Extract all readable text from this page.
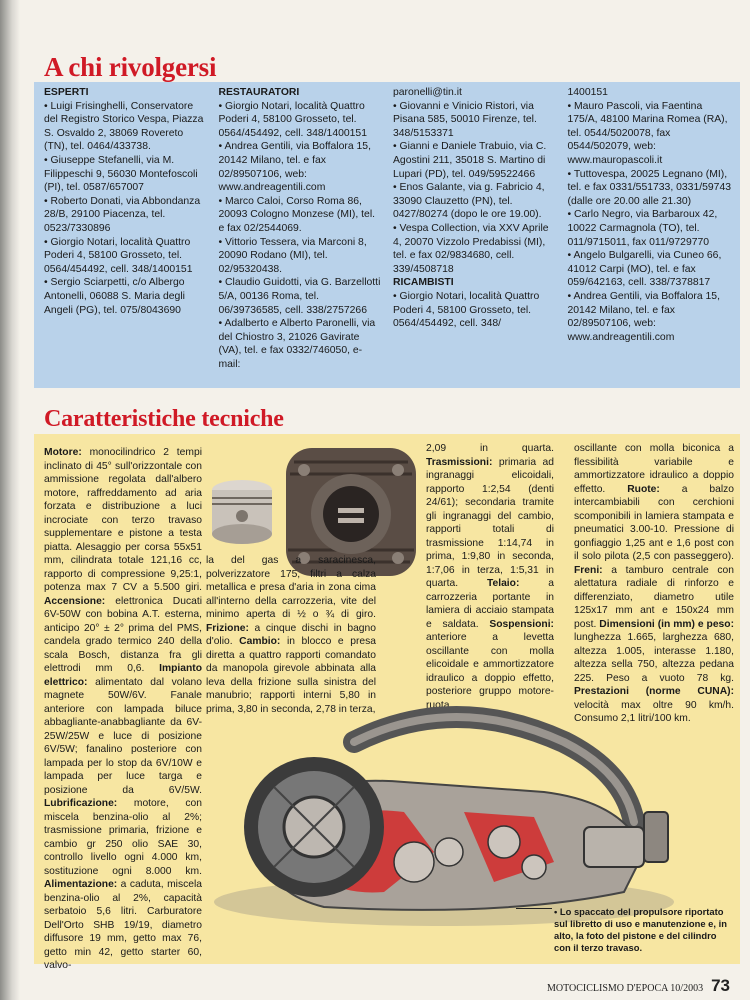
A chi rivolgersi
ESPERTI
• Luigi Frisinghelli, Conservatore del Registro Storico Vespa, Piazza S. Osvaldo 2, 38069 Rovereto (TN), tel. 0464/433738.
• Giuseppe Stefanelli, via M. Filippeschi 9, 56030 Montefoscoli (PI), tel. 0587/657007
• Roberto Donati, via Abbondanza 28/B, 29100 Piacenza, tel. 0523/7330896
• Giorgio Notari, località Quattro Poderi 4, 58100 Grosseto, tel. 0564/454492, cell. 348/1400151
• Sergio Sciarpetti, c/o Albergo Antonelli, 06088 S. Maria degli Angeli (PG), tel. 075/8043690
RESTAURATORI
• Giorgio Notari, località Quattro Poderi 4, 58100 Grosseto, tel. 0564/454492, cell. 348/1400151
• Andrea Gentili, via Boffalora 15, 20142 Milano, tel. e fax 02/89507106, web: www.andreagentili.com
• Marco Caloi, Corso Roma 86, 20093 Cologno Monzese (MI), tel. e fax 02/2544069.
• Vittorio Tessera, via Marconi 8, 20090 Rodano (MI), tel. 02/95320438.
• Claudio Guidotti, via G. Barzellotti 5/A, 00136 Roma, tel. 06/39736585, cell. 338/2757266
• Adalberto e Alberto Paronelli, via del Chiostro 3, 21026 Gavirate (VA), tel. e fax 0332/746050, e-mail:
paronelli@tin.it
• Giovanni e Vinicio Ristori, via Pisana 585, 50010 Firenze, tel. 348/5153371
• Gianni e Daniele Trabuio, via C. Agostini 211, 35018 S. Martino di Lupari (PD), tel. 049/59522466
• Enos Galante, via g. Fabricio 4, 33090 Clauzetto (PN), tel. 0427/80274 (dopo le ore 19.00).
• Vespa Collection, via XXV Aprile 4, 20070 Vizzolo Predabissi (MI), tel. e fax 02/9834680, cell. 339/4508718
RICAMBISTI
• Giorgio Notari, località Quattro Poderi 4, 58100 Grosseto, tel. 0564/454492, cell. 348/
1400151
• Mauro Pascoli, via Faentina 175/A, 48100 Marina Romea (RA), tel. 0544/5020078, fax 0544/502079, web: www.mauropascoli.it
• Tuttovespa, 20025 Legnano (MI), tel. e fax 0331/551733, 0331/59743 (dalle ore 20.00 alle 21.30)
• Carlo Negro, via Barbaroux 42, 10022 Carmagnola (TO), tel. 011/9715011, fax 011/9729770
• Angelo Bulgarelli, via Cuneo 66, 41012 Carpi (MO), tel. e fax 059/642163, cell. 338/7378817
• Andrea Gentili, via Boffalora 15, 20142 Milano, tel. e fax 02/89507106, web: www.andreagentili.com
Caratteristiche tecniche

Motore: monocilindrico 2 tempi inclinato di 45° sull'orizzontale con ammissione regolata dall'albero motore, raffreddamento ad aria forzata e distribuzione a luci incrociate con terzo travaso supplementare e pistone a testa piatta. Alesaggio per corsa 55x51 mm, cilindrata totale 121,16 cc, rapporto di compressione 9,25:1, potenza max 7 CV a 5.500 giri. Accensione: elettronica Ducati 6V-50W con bobina A.T. esterna, anticipo 20° ± 2° prima del PMS, candela grado termico 240 della scala Bosch, distanza fra gli elettrodi mm 0,6. Impianto elettrico: alimentato dal volano magnete 50W/6V. Fanale anteriore con lampada biluce abbagliante-anabbagliante da 6V-25W/25W e luce di posizione 6V/5W; fanalino posteriore con lampada per lo stop da 6V/10W e lampada per luce targa e posizione da 6V/5W. Lubrificazione: motore, con miscela benzina-olio al 2%; trasmissione primaria, frizione e cambio gr 250 olio SAE 30, controllo livello ogni 4.000 km, sostituzione ogni 8.000 km. Alimentazione: a caduta, miscela benzina-olio al 2%, capacità serbatoio 5,6 litri. Carburatore Dell'Orto SHB 19/19, diametro diffusore 19 mm, getto max 76, getto min 42, getto starter 60, valvo-

la del gas a saracinesca, polverizzatore 175, filtri a calza metallica e presa d'aria in zona cima all'interno della carrozzeria, vite del minimo aperta di ½ o ¾ di giro. Frizione: a cinque dischi in bagno d'olio. Cambio: in blocco e presa diretta a quattro rapporti comandato da manopola girevole abbinata alla leva della frizione sulla sinistra del manubrio; rapporti interni 5,80 in prima, 3,80 in seconda, 2,78 in terza,

2,09 in quarta. Trasmissioni: primaria ad ingranaggi elicoidali, rapporto 1:2,54 (denti 24/61); secondaria tramite gli ingranaggi del cambio, rapporti totali di trasmissione 1:14,74 in prima, 1:9,80 in seconda, 1:7,06 in terza, 1:5,31 in quarta. Telaio: a carrozzeria portante in lamiera di acciaio stampata e saldata. Sospensioni: anteriore a levetta oscillante con molla elicoidale e ammortizzatore idraulico a doppio effetto, posteriore gruppo motore-ruota

oscillante con molla biconica a flessibilità variabile e ammortizzatore idraulico a doppio effetto. Ruote: a balzo intercambiabili con cerchioni scomponibili in lamiera stampata e pneumatici 3.00-10. Pressione di gonfiaggio 1,25 ant e 1,6 post con il solo pilota (2,5 con passeggero). Freni: a tamburo centrale con alettatura radiale di rinforzo e differenziato, diametro utile 125x17 mm ant e 150x24 mm post. Dimensioni (in mm) e peso: lunghezza 1.665, larghezza 680, altezza 1.005, interasse 1.180, altezza sella 750, altezza pedana 225. Peso a vuoto 78 kg. Prestazioni (norme CUNA): velocità max oltre 90 km/h. Consumo 2,1 litri/100 km.

• Lo spaccato del propulsore riportato sul libretto di uso e manutenzione e, in alto, la foto del pistone e del cilindro con il terzo travaso.

MOTOCICLISMO D'EPOCA 10/2003 73
